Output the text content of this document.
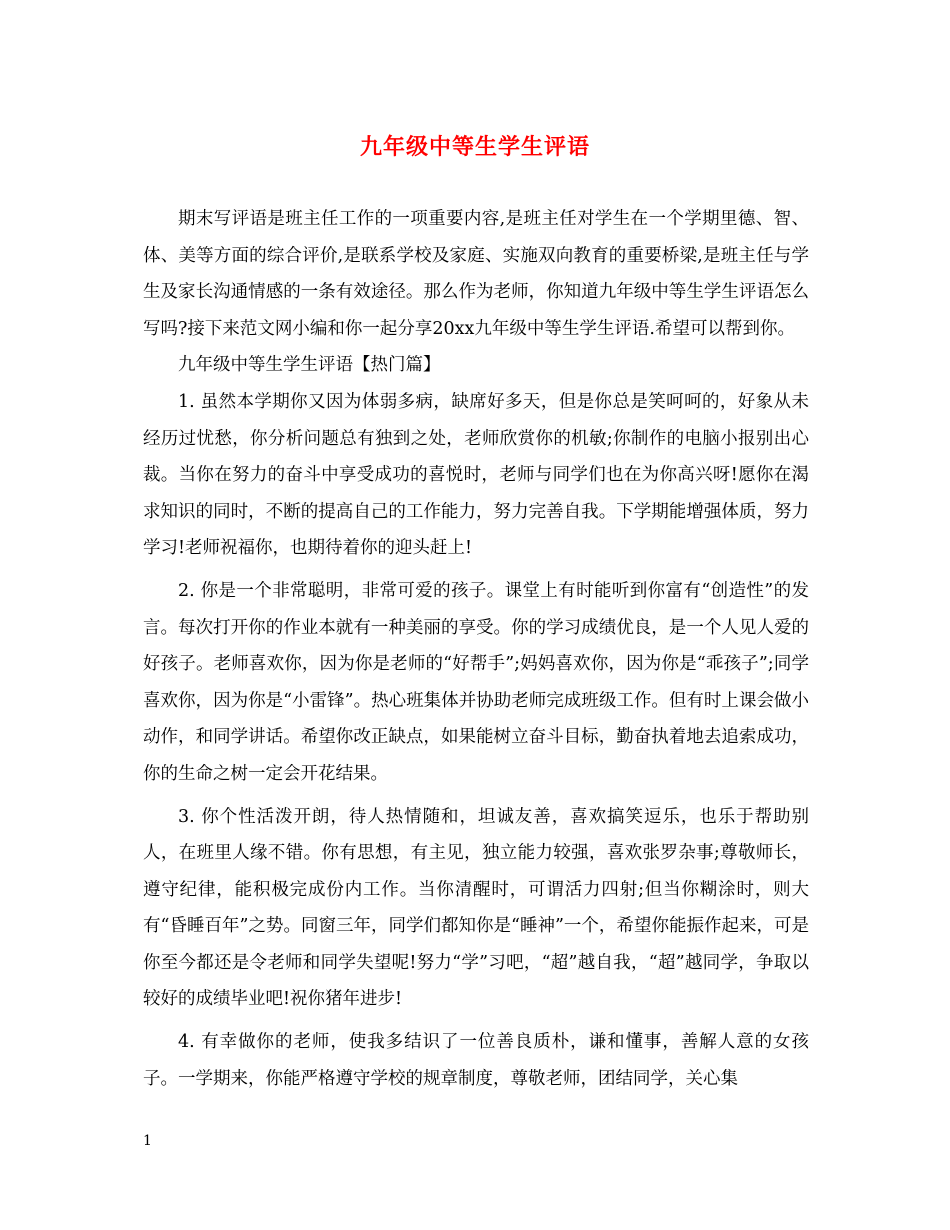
九年级中等生学生评语

期末写评语是班主任工作的一项重要内容,是班主任对学生在一个学期里德、智、体、美等方面的综合评价,是联系学校及家庭、实施双向教育的重要桥梁,是班主任与学生及家长沟通情感的一条有效途径。那么作为老师，你知道九年级中等生学生评语怎么写吗?接下来范文网小编和你一起分享20xx九年级中等生学生评语.希望可以帮到你。

九年级中等生学生评语【热门篇】

1. 虽然本学期你又因为体弱多病，缺席好多天，但是你总是笑呵呵的，好象从未经历过忧愁，你分析问题总有独到之处，老师欣赏你的机敏;你制作的电脑小报别出心裁。当你在努力的奋斗中享受成功的喜悦时，老师与同学们也在为你高兴呀!愿你在渴求知识的同时，不断的提高自己的工作能力，努力完善自我。下学期能增强体质，努力学习!老师祝福你，也期待着你的迎头赶上!

2. 你是一个非常聪明，非常可爱的孩子。课堂上有时能听到你富有“创造性”的发言。每次打开你的作业本就有一种美丽的享受。你的学习成绩优良，是一个人见人爱的好孩子。老师喜欢你，因为你是老师的“好帮手”;妈妈喜欢你，因为你是“乖孩子”;同学喜欢你，因为你是“小雷锋”。热心班集体并协助老师完成班级工作。但有时上课会做小动作，和同学讲话。希望你改正缺点，如果能树立奋斗目标，勤奋执着地去追索成功，你的生命之树一定会开花结果。

3. 你个性活泼开朗，待人热情随和，坦诚友善，喜欢搞笑逗乐，也乐于帮助别人，在班里人缘不错。你有思想，有主见，独立能力较强，喜欢张罗杂事;尊敬师长，遵守纪律，能积极完成份内工作。当你清醒时，可谓活力四射;但当你糊涂时，则大有“昏睡百年”之势。同窗三年，同学们都知你是“睡神”一个，希望你能振作起来，可是你至今都还是令老师和同学失望呢!努力“学”习吧，“超”越自我，“超”越同学，争取以较好的成绩毕业吧!祝你猪年进步!

4. 有幸做你的老师，使我多结识了一位善良质朴，谦和懂事，善解人意的女孩子。一学期来，你能严格遵守学校的规章制度，尊敬老师，团结同学，关心集

1
